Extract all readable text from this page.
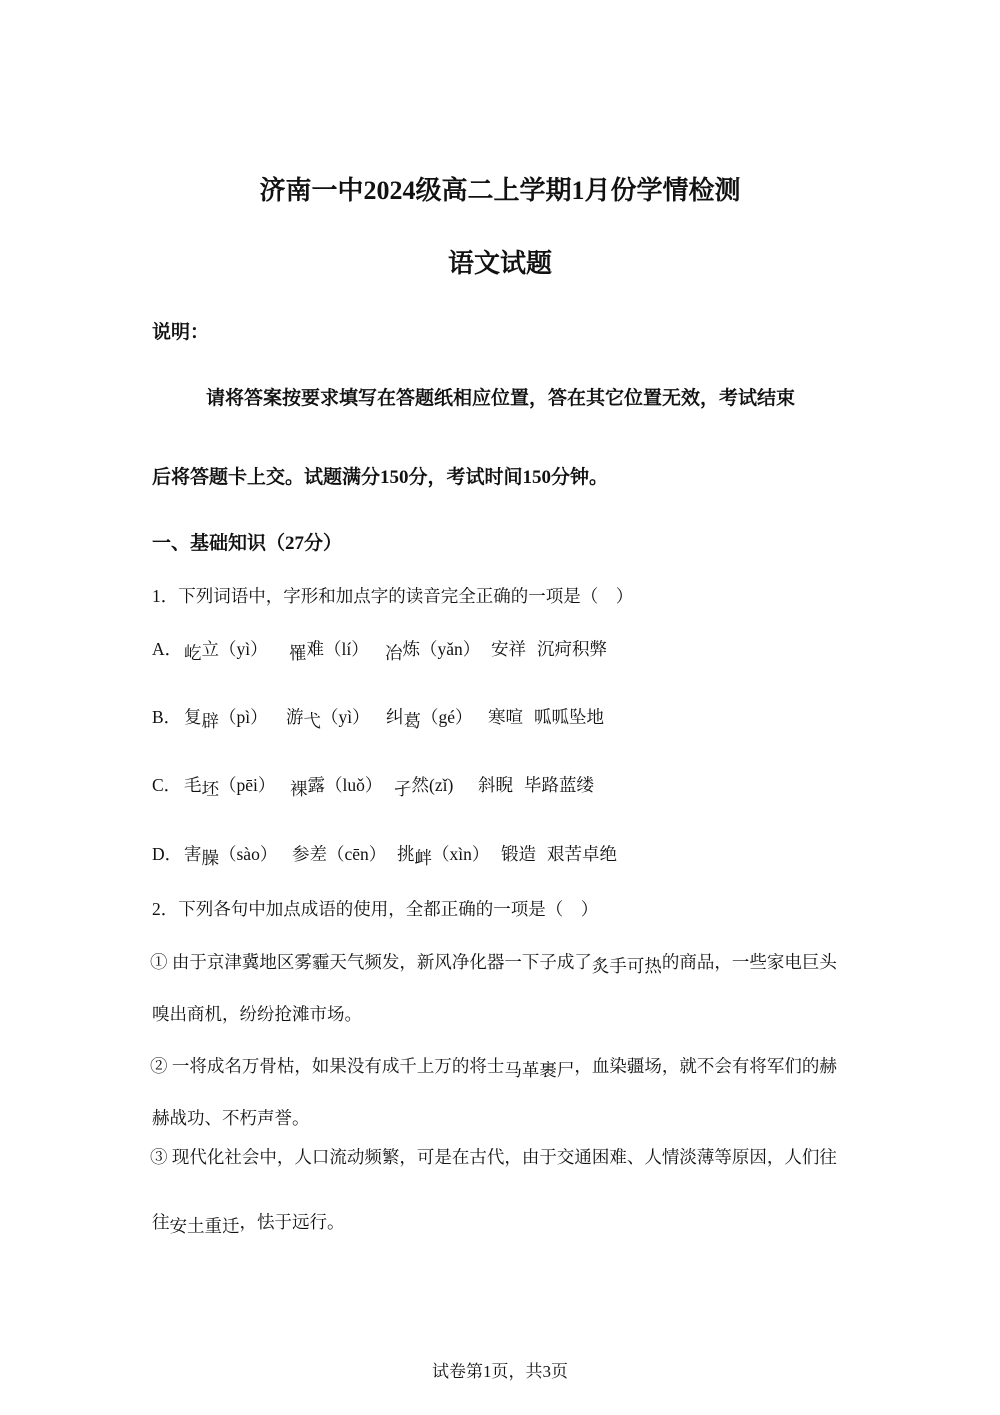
济南一中2024级高二上学期1月份学情检测
语文试题
说明：
请将答案按要求填写在答题纸相应位置，答在其它位置无效，考试结束
后将答题卡上交。试题满分150分，考试时间150分钟。
一、基础知识（27分）
1．下列词语中，字形和加点字的读音完全正确的一项是（　）
A． 屹立（yì）	罹难（lí） 冶炼（yǎn） 安祥 沉疴积弊
B． 复辟（pì）	游弋（yì） 纠葛（gé） 寒喧 呱呱坠地
C． 毛坯（pēi） 裸露（luǒ） 孑然(zǐ)	斜睨 毕路蓝缕
D． 害臊（sào） 参差（cēn） 挑衅（xìn） 锻造 艰苦卓绝
2．下列各句中加点成语的使用，全都正确的一项是（　）
① 由于京津冀地区雾霾天气频发，新风净化器一下子成了炙手可热的商品，一些家电巨头
嗅出商机，纷纷抢滩市场。
② 一将成名万骨枯，如果没有成千上万的将士马革裹尸，血染疆场，就不会有将军们的赫
赫战功、不朽声誉。
③ 现代化社会中，人口流动频繁，可是在古代，由于交通困难、人情淡薄等原因，人们往
往安土重迁，怯于远行。
试卷第1页，共3页
